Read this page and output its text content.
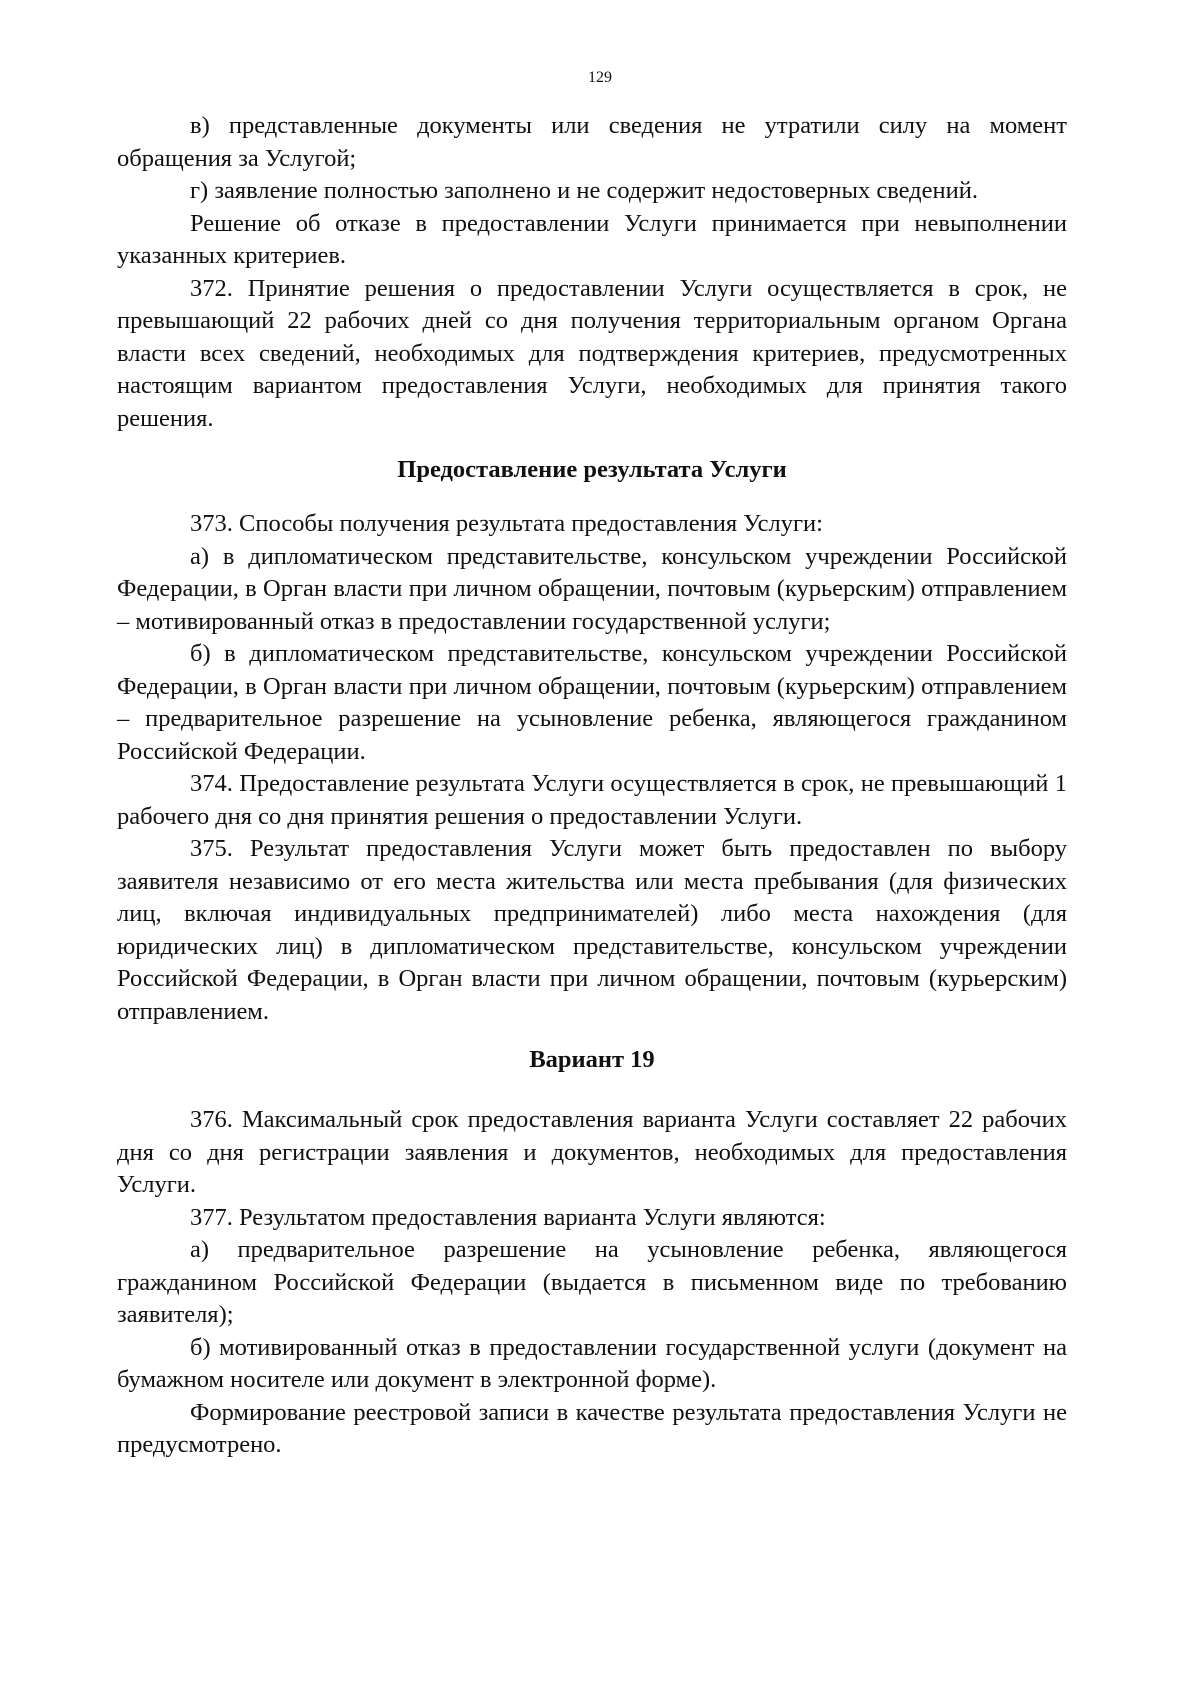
129

в) представленные документы или сведения не утратили силу на момент обращения за Услугой;

г) заявление полностью заполнено и не содержит недостоверных сведений.

Решение об отказе в предоставлении Услуги принимается при невыполнении указанных критериев.

372. Принятие решения о предоставлении Услуги осуществляется в срок, не превышающий 22 рабочих дней со дня получения территориальным органом Органа власти всех сведений, необходимых для подтверждения критериев, предусмотренных настоящим вариантом предоставления Услуги, необходимых для принятия такого решения.

Предоставление результата Услуги

373. Способы получения результата предоставления Услуги:

а) в дипломатическом представительстве, консульском учреждении Российской Федерации, в Орган власти при личном обращении, почтовым (курьерским) отправлением – мотивированный отказ в предоставлении государственной услуги;

б) в дипломатическом представительстве, консульском учреждении Российской Федерации, в Орган власти при личном обращении, почтовым (курьерским) отправлением – предварительное разрешение на усыновление ребенка, являющегося гражданином Российской Федерации.

374. Предоставление результата Услуги осуществляется в срок, не превышающий 1 рабочего дня со дня принятия решения о предоставлении Услуги.

375. Результат предоставления Услуги может быть предоставлен по выбору заявителя независимо от его места жительства или места пребывания (для физических лиц, включая индивидуальных предпринимателей) либо места нахождения (для юридических лиц) в дипломатическом представительстве, консульском учреждении Российской Федерации, в Орган власти при личном обращении, почтовым (курьерским) отправлением.

Вариант 19

376. Максимальный срок предоставления варианта Услуги составляет 22 рабочих дня со дня регистрации заявления и документов, необходимых для предоставления Услуги.

377. Результатом предоставления варианта Услуги являются:

а) предварительное разрешение на усыновление ребенка, являющегося гражданином Российской Федерации (выдается в письменном виде по требованию заявителя);

б) мотивированный отказ в предоставлении государственной услуги (документ на бумажном носителе или документ в электронной форме).

Формирование реестровой записи в качестве результата предоставления Услуги не предусмотрено.
